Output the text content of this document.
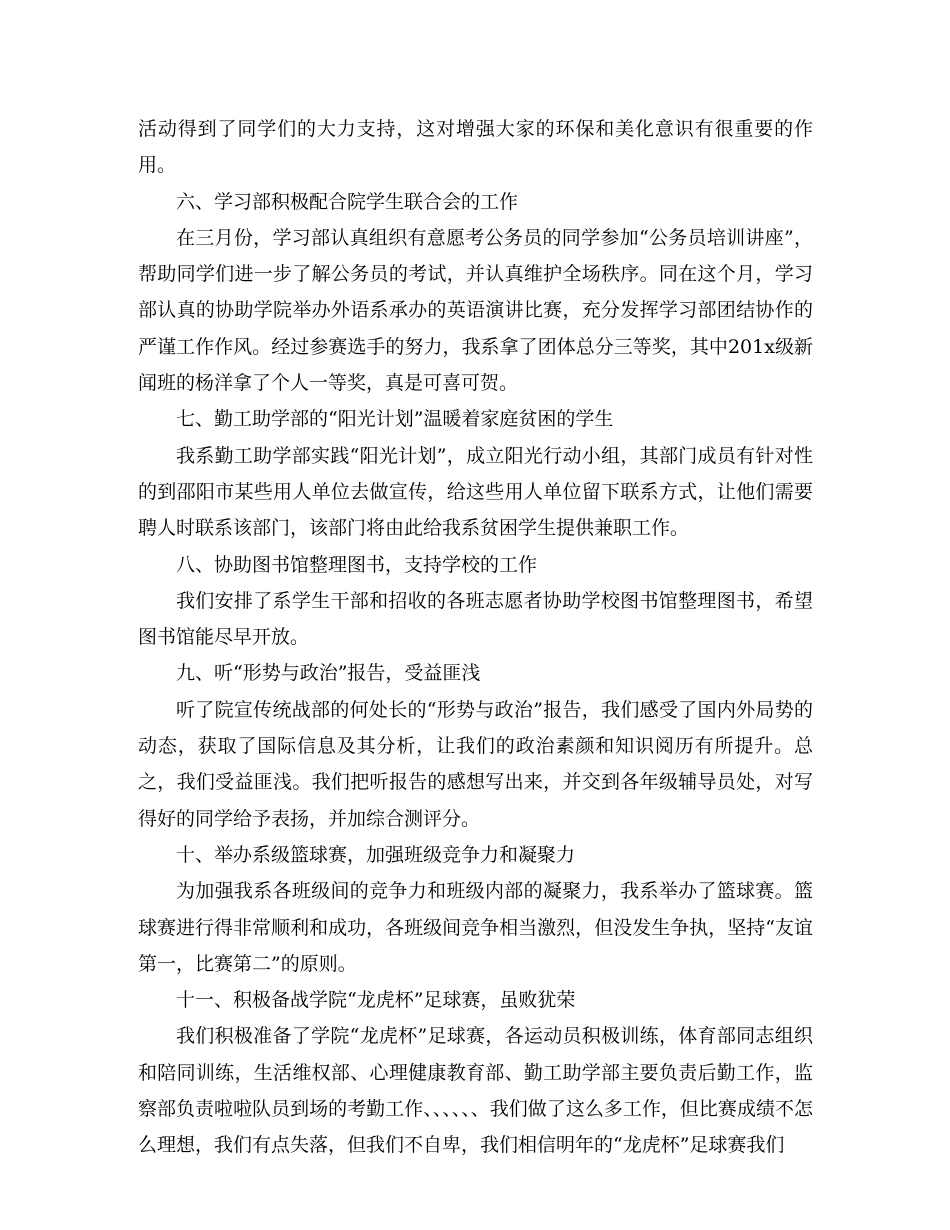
活动得到了同学们的大力支持，这对增强大家的环保和美化意识有很重要的作用。

六、学习部积极配合院学生联合会的工作

在三月份，学习部认真组织有意愿考公务员的同学参加“公务员培训讲座”，帮助同学们进一步了解公务员的考试，并认真维护全场秩序。同在这个月，学习部认真的协助学院举办外语系承办的英语演讲比赛，充分发挥学习部团结协作的严谨工作作风。经过参赛选手的努力，我系拿了团体总分三等奖，其中201x级新闻班的杨洋拿了个人一等奖，真是可喜可贺。

七、勤工助学部的“阳光计划”温暖着家庭贫困的学生

我系勤工助学部实践“阳光计划”，成立阳光行动小组，其部门成员有针对性的到邵阳市某些用人单位去做宣传，给这些用人单位留下联系方式，让他们需要聘人时联系该部门，该部门将由此给我系贫困学生提供兼职工作。

八、协助图书馆整理图书，支持学校的工作

我们安排了系学生干部和招收的各班志愿者协助学校图书馆整理图书，希望图书馆能尽早开放。

九、听“形势与政治”报告，受益匪浅

听了院宣传统战部的何处长的“形势与政治”报告，我们感受了国内外局势的动态，获取了国际信息及其分析，让我们的政治素颜和知识阅历有所提升。总之，我们受益匪浅。我们把听报告的感想写出来，并交到各年级辅导员处，对写得好的同学给予表扬，并加综合测评分。

十、举办系级篮球赛，加强班级竞争力和凝聚力

为加强我系各班级间的竞争力和班级内部的凝聚力，我系举办了篮球赛。篮球赛进行得非常顺利和成功，各班级间竞争相当激烈，但没发生争执，坚持“友谊第一，比赛第二”的原则。

十一、积极备战学院“龙虎杯”足球赛，虽败犹荣

我们积极准备了学院“龙虎杯”足球赛，各运动员积极训练，体育部同志组织和陪同训练，生活维权部、心理健康教育部、勤工助学部主要负责后勤工作，监察部负责啦啦队员到场的考勤工作、、、、、、我们做了这么多工作，但比赛成绩不怎么理想，我们有点失落，但我们不自卑，我们相信明年的“龙虎杯”足球赛我们
